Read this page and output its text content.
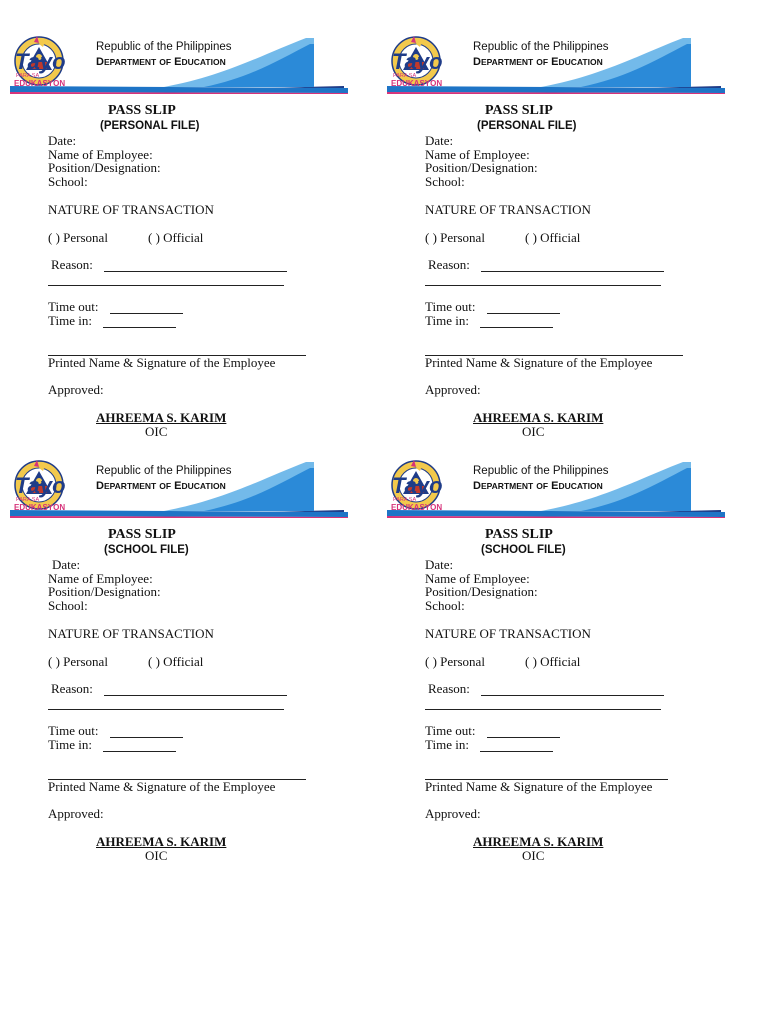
Republic of the Philippines
DEPARTMENT OF EDUCATION
Tayo
PARA SA
EDUKASYON
PASS SLIP
(PERSONAL FILE)
Date:
Name of Employee:
Position/Designation:
School:
NATURE OF TRANSACTION
( ) Personal	( ) Official
Reason:
Time out:
Time in:
Printed Name & Signature of the Employee
Approved:
AHREEMA S. KARIM
OIC
Republic of the Philippines
DEPARTMENT OF EDUCATION
Tayo
PARA SA
EDUKASYON
PASS SLIP
(PERSONAL FILE)
Date:
Name of Employee:
Position/Designation:
School:
NATURE OF TRANSACTION
( ) Personal	( ) Official
Reason:
Time out:
Time in:
Printed Name & Signature of the Employee
Approved:
AHREEMA S. KARIM
OIC
Republic of the Philippines
DEPARTMENT OF EDUCATION
Tayo
PARA SA
EDUKASYON
PASS SLIP
(SCHOOL FILE)
Date:
Name of Employee:
Position/Designation:
School:
NATURE OF TRANSACTION
( ) Personal	( ) Official
Reason:
Time out:
Time in:
Printed Name & Signature of the Employee
Approved:
AHREEMA S. KARIM
OIC
Republic of the Philippines
DEPARTMENT OF EDUCATION
Tayo
PARA SA
EDUKASYON
PASS SLIP
(SCHOOL FILE)
Date:
Name of Employee:
Position/Designation:
School:
NATURE OF TRANSACTION
( ) Personal	( ) Official
Reason:
Time out:
Time in:
Printed Name & Signature of the Employee
Approved:
AHREEMA S. KARIM
OIC
